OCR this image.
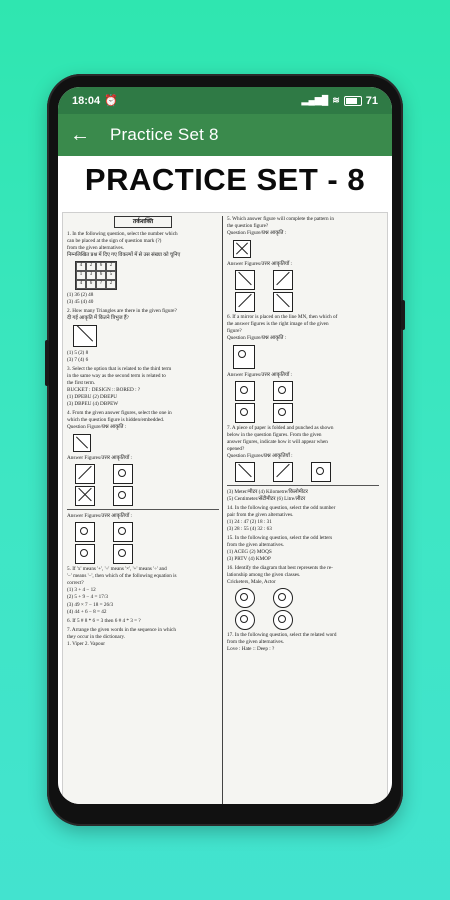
18:04 ⏰	▂▄▆█ ≋ 71
←	Practice Set 8
PRACTICE SET - 8
तर्कशक्ति
1. In the following question, select the number which
can be placed at the sign of question mark (?)
from the given alternatives.
निम्नलिखित प्रश्न में दिए गए विकल्पों में से उस संख्या को चुनिए
4	2	6	2
1	3	6	5
4	6	?	2
(1) 36 (2) 48
(3) 45 (4) 40
2. How many Triangles are there in the given figure?
दी गई आकृति में कितने त्रिभुज हैं?
(1) 5 (2) 8
(3) 7 (4) 6
3. Select the option that is related to the third term
in the same way as the second term is related to
the first term.
BUCKET : DESIGN :: BORED : ?
(1) DPEBU (2) DBEPU
(3) DBPEU (4) DBPEW
4. From the given answer figures, select the one in
which the question figure is hidden/embedded.
Question Figure/प्रश्न आकृति :
Answer Figures/उत्तर आकृतियाँ :
Answer Figures/उत्तर आकृतियाँ :
5. If 'x' means '+', '÷' means '×', '+' means '÷' and
'−' means '−', then which of the following equation is
correct?
(1) 3 + 4 − 12
(2) 5 + 9 − 4 = 17/3
(3) 49 × 7 − 18 = 26/3
(4) 44 + 6 − 8 = 42
6. If 5 # 8 * 6 = 3 then 6 # 4 * 3 = ?
7. Arrange the given words in the sequence in which
they occur in the dictionary.
1. Viper 2. Vapour
5. Which answer figure will complete the pattern in
the question figure?
Question Figure/प्रश्न आकृति :
Answer Figures/उत्तर आकृतियाँ :
6. If a mirror is placed on the line MN, then which of
the answer figures is the right image of the given
figure?
Question Figure/प्रश्न आकृति :
Answer Figures/उत्तर आकृतियाँ :
7. A piece of paper is folded and punched as shown
below in the question figures. From the given
answer figures, indicate how it will appear when
opened?
Question Figures/प्रश्न आकृतियाँ :
(3) Meter/मीटर (4) Kilometre/किलोमीटर
(5) Centimeter/सेंटीमीटर (6) Litre/लीटर
14. In the following question, select the odd number
pair from the given alternatives.
(1) 24 : 47 (2) 18 : 31
(3) 28 : 55 (4) 32 : 63
15. In the following question, select the odd letters
from the given alternatives.
(1) ACEG (2) MOQS
(3) PRTV (4) KMOP
16. Identify the diagram that best represents the re-
lationship among the given classes.
Cricketers, Male, Actor
17. In the following question, select the related word
from the given alternatives.
Love : Hate :: Deep : ?
